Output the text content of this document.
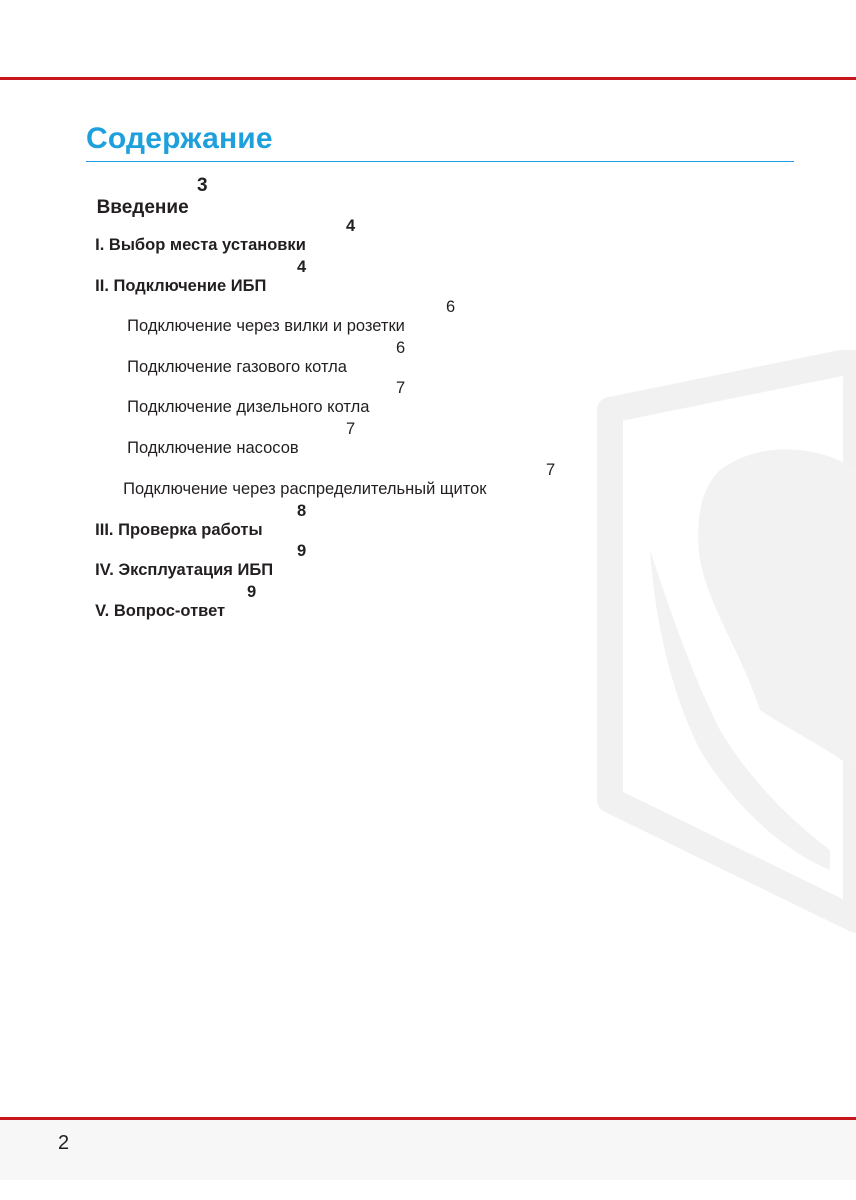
Содержание

Введение

3

I. Выбор места установки

4

II. Подключение ИБП

4

Подключение через вилки и розетки

6

Подключение газового котла

6

Подключение дизельного котла

7

Подключение насосов

7

Подключение через распределительный щиток

7

III. Проверка работы

8

IV. Эксплуатация ИБП

9

V. Вопрос-ответ

9

2
